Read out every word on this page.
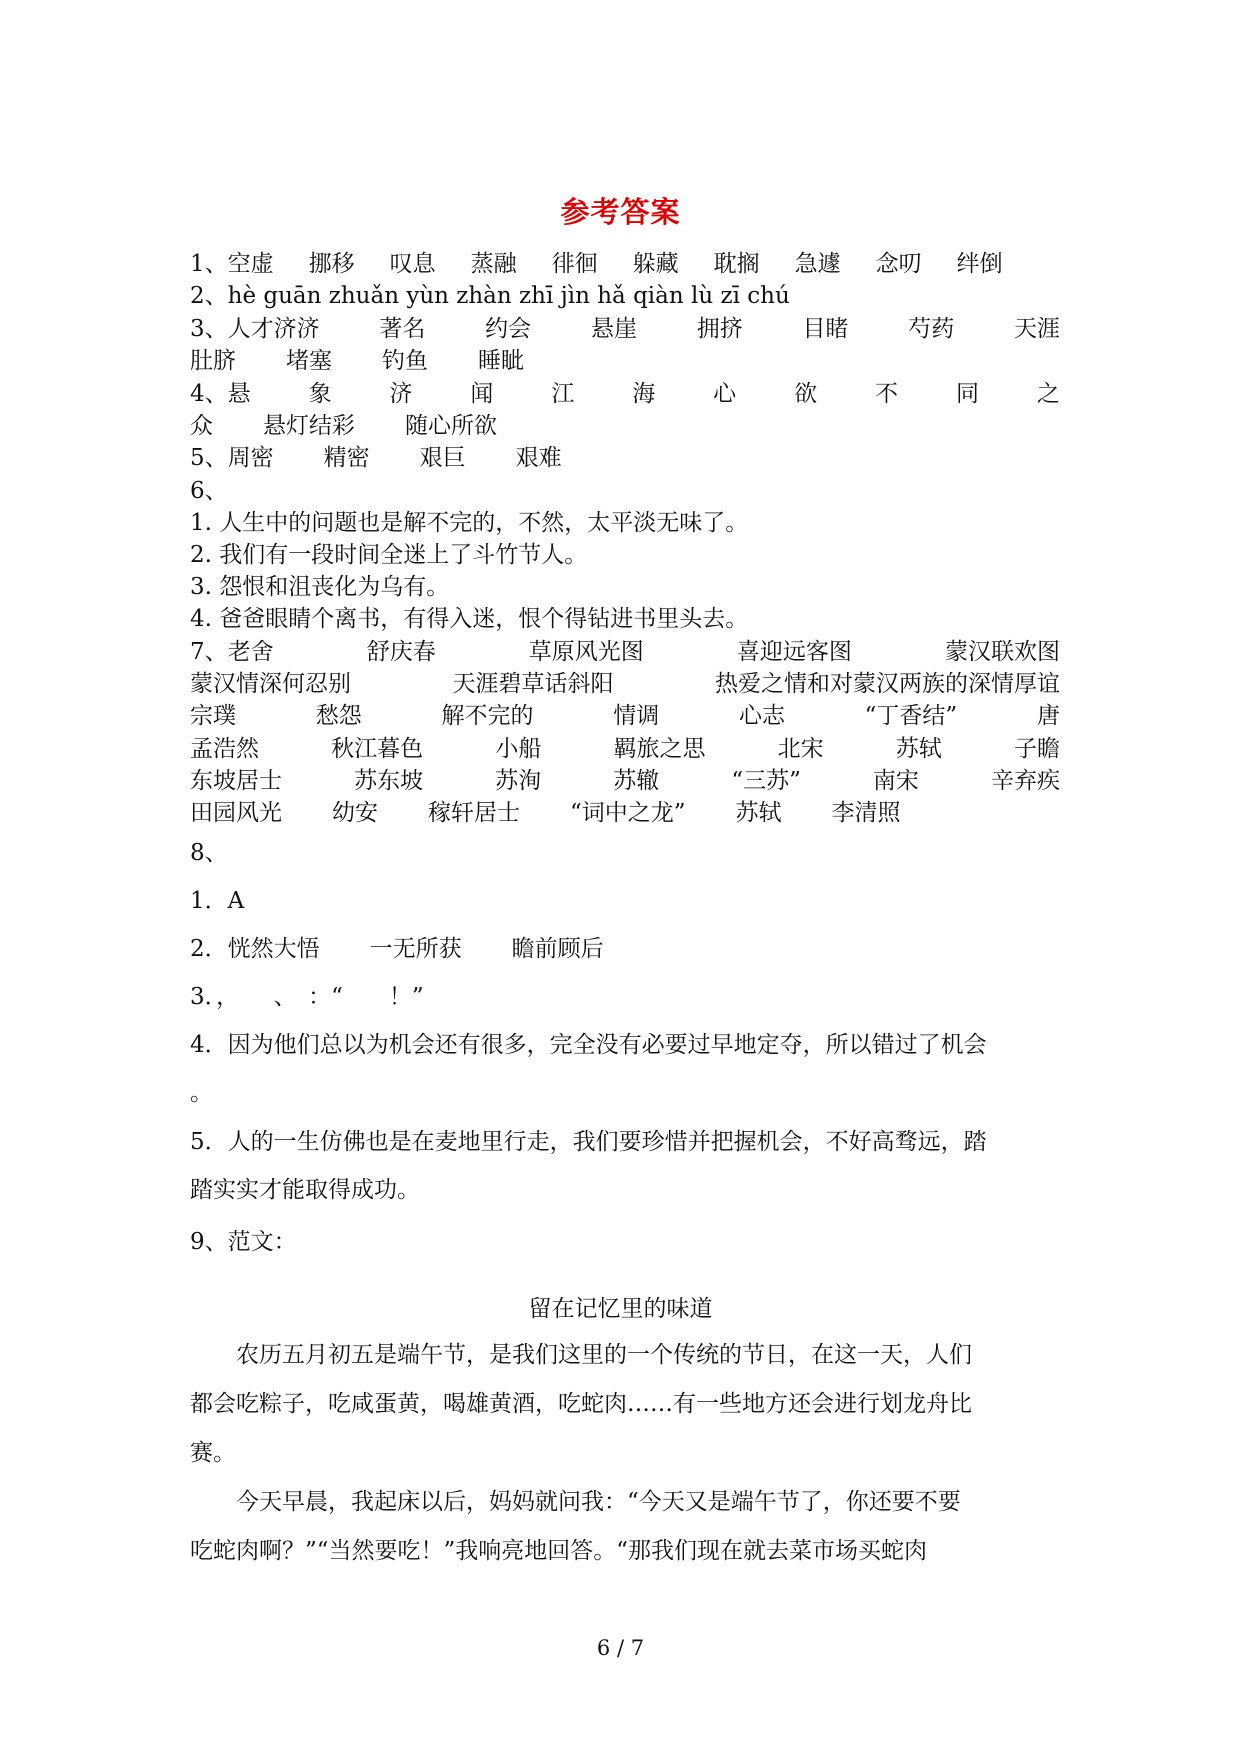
参考答案
1、 空虚 挪移 叹息 蒸融 徘徊 躲藏 耽搁 急遽 念叨 绊倒
2、hè guān zhuǎn yùn zhàn zhī jìn hǎ qiàn lù zī chú
3、人才济济	著名	约会	悬崖	拥挤	目睹	芍药	天涯
肚脐 堵塞 钓鱼 睡眦
4、悬	象	济	闻	江	海	心	欲	不	同	之
众 悬灯结彩 随心所欲
5、周密 精密 艰巨 艰难
6、
1. 人生中的问题也是解不完的，不然，太平淡无味了。
2. 我们有一段时间全迷上了斗竹节人。
3. 怨恨和沮丧化为乌有。
4. 爸爸眼睛个离书，有得入迷，恨个得钻进书里头去。
7、老舍	舒庆春	草原风光图	喜迎远客图	蒙汉联欢图
蒙汉情深何忍别	天涯碧草话斜阳	热爱之情和对蒙汉两族的深情厚谊
宗璞	愁怨	解不完的	情调	心志	“丁香结”	唐
孟浩然	秋江暮色	小船	羁旅之思	北宋	苏轼	子瞻
东坡居士	苏东坡	苏洵	苏辙	“三苏”	南宋	辛弃疾
田园风光 幼安 稼轩居士 “词中之龙” 苏轼 李清照
8、
1．A
2．恍然大悟 一无所获 瞻前顾后
3．，　　、　：“　　！”
4．因为他们总以为机会还有很多，完全没有必要过早地定夺，所以错过了机会
。
5．人的一生仿佛也是在麦地里行走，我们要珍惜并把握机会，不好高骛远，踏
踏实实才能取得成功。
9、范文：
留在记忆里的味道
农历五月初五是端午节，是我们这里的一个传统的节日，在这一天，人们
都会吃粽子，吃咸蛋黄，喝雄黄酒，吃蛇肉……有一些地方还会进行划龙舟比
赛。
今天早晨，我起床以后，妈妈就问我：“今天又是端午节了，你还要不要
吃蛇肉啊？”“当然要吃！”我响亮地回答。“那我们现在就去菜市场买蛇肉
6 / 7
